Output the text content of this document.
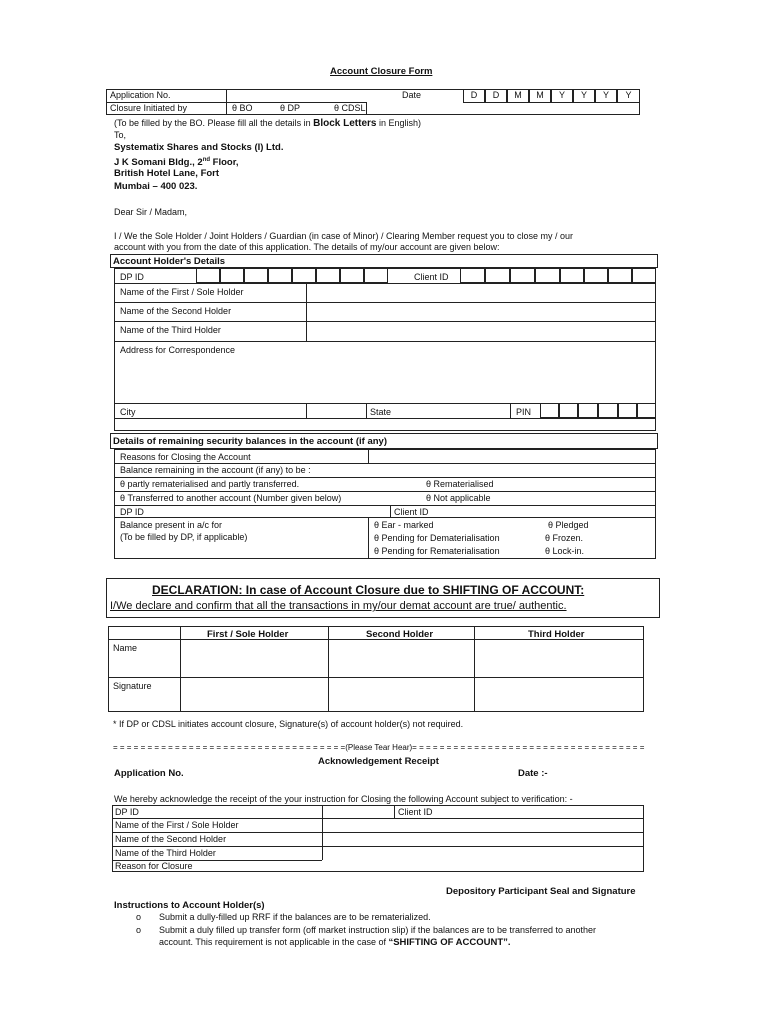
Account Closure Form
Application No.	Date
Closure Initiated by	θ BO	θ DP	θ CDSL
D	D	M	M	Y	Y	Y	Y
(To be filled by the BO. Please fill all the details in Block Letters in English)
To,
Systematix Shares and Stocks (I) Ltd.
J K Somani Bldg., 2nd Floor,
British Hotel Lane, Fort
Mumbai – 400 023.
Dear Sir / Madam,
I / We the Sole Holder / Joint Holders / Guardian (in case of Minor) / Clearing Member request you to close my / our
account with you from the date of this application. The details of my/our account are given below:
Account Holder's Details
DP ID	Client ID
Name of the First / Sole Holder
Name of the Second Holder
Name of the Third Holder
Address for Correspondence
City	State	PIN
Details of remaining security balances in the account (if any)
Reasons for Closing the Account
Balance remaining in the account (if any) to be :
θ partly rematerialised and partly transferred.	θ Rematerialised
θ Transferred to another account (Number given below)	θ Not applicable
DP ID	Client ID
Balance present in a/c for
(To be filled by DP, if applicable)
θ Ear - marked	θ Pledged
θ Pending for Dematerialisation	θ Frozen.
θ Pending for Rematerialisation	θ Lock-in.
DECLARATION: In case of Account Closure due to SHIFTING OF ACCOUNT:
I/We declare and confirm that all the transactions in my/our demat account are true/ authentic.
First / Sole Holder	Second Holder	Third Holder
Name
Signature
* If DP or CDSL initiates account closure, Signature(s) of account holder(s) not required.
= = = = = = = = = = = = = = = = = = = = = = = = = = = = = = = = = =(Please Tear Hear)= = = = = = = = = = = = = = = = = = = = = = = = = = = = = = = = = =
Acknowledgement Receipt
Application No.	Date :-
We hereby acknowledge the receipt of the your instruction for Closing the following Account subject to verification: -
DP ID	Client ID
Name of the First / Sole Holder
Name of the Second Holder
Name of the Third Holder
Reason for Closure
Depository Participant Seal and Signature
Instructions to Account Holder(s)
o Submit a dully-filled up RRF if the balances are to be rematerialized.
o Submit a duly filled up transfer form (off market instruction slip) if the balances are to be transferred to another
account. This requirement is not applicable in the case of “SHIFTING OF ACCOUNT”.
